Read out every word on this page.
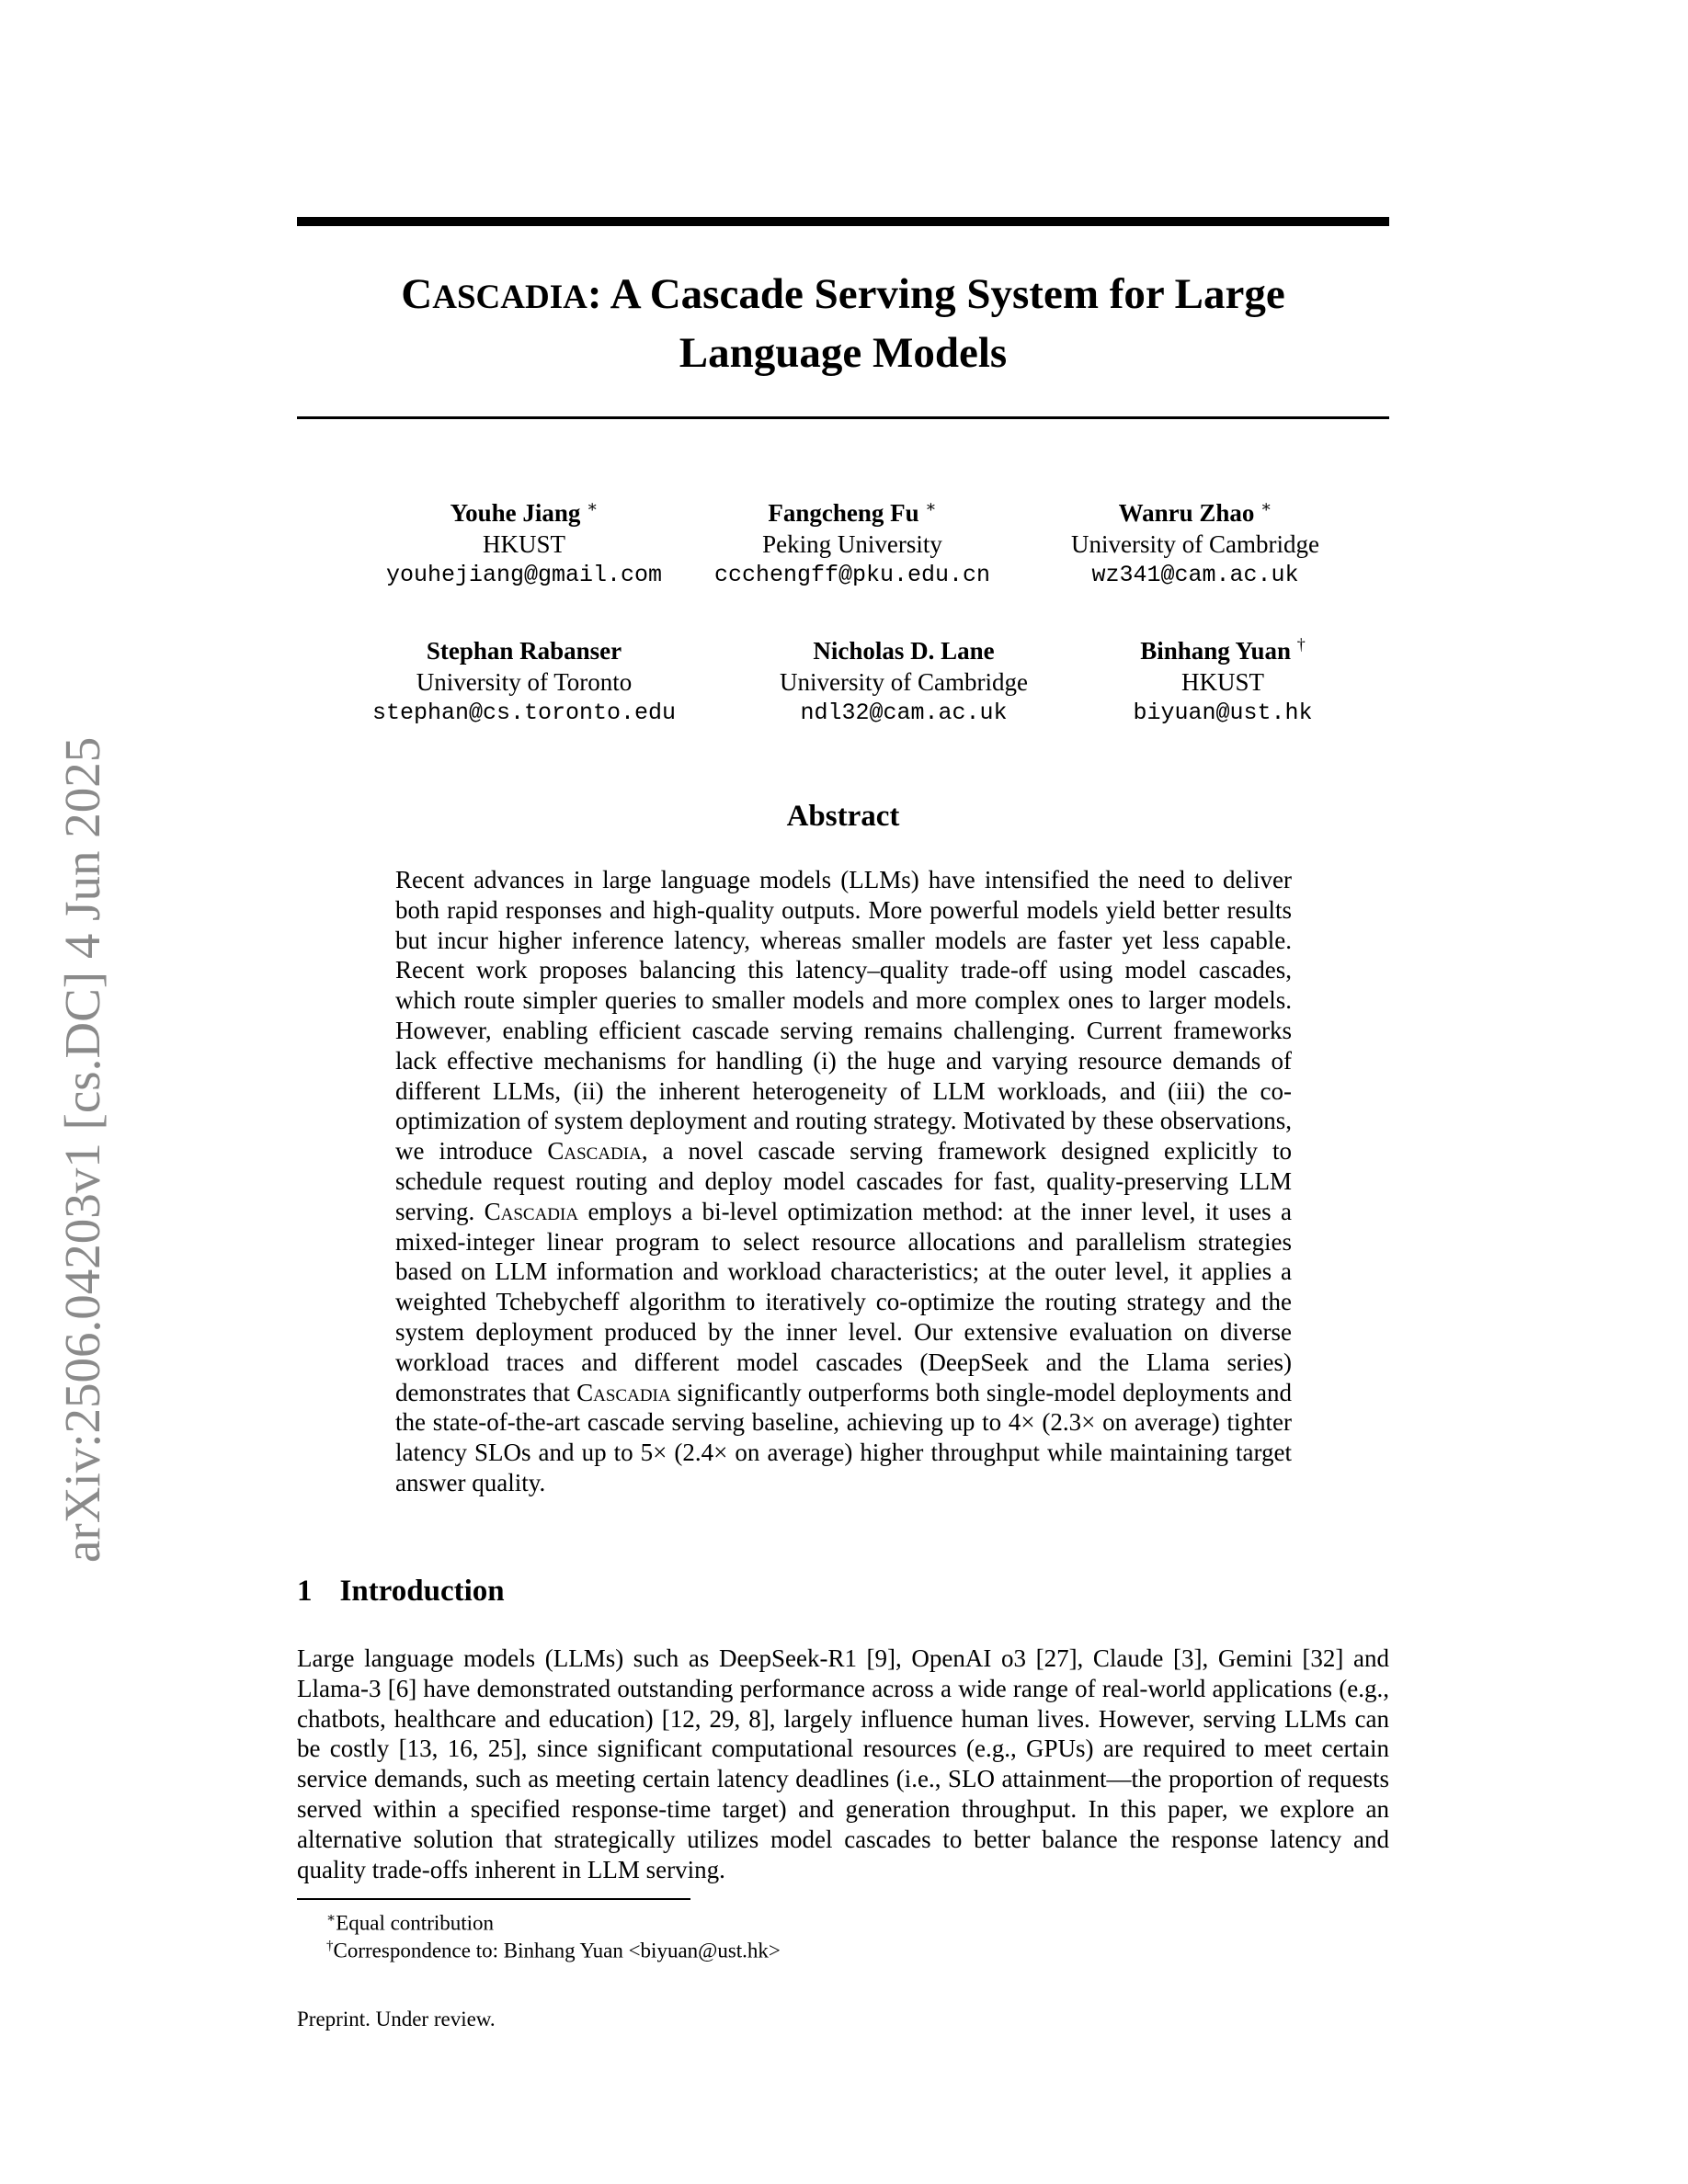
arXiv:2506.04203v1 [cs.DC] 4 Jun 2025
CASCADIA: A Cascade Serving System for Large
Language Models
Youhe Jiang ∗
HKUST
youhejiang@gmail.com
Fangcheng Fu ∗
Peking University
ccchengff@pku.edu.cn
Wanru Zhao ∗
University of Cambridge
wz341@cam.ac.uk
Stephan Rabanser
University of Toronto
stephan@cs.toronto.edu
Nicholas D. Lane
University of Cambridge
ndl32@cam.ac.uk
Binhang Yuan †
HKUST
biyuan@ust.hk
Abstract

Recent advances in large language models (LLMs) have intensified the need to deliver both rapid responses and high-quality outputs. More powerful models yield better results but incur higher inference latency, whereas smaller models are faster yet less capable. Recent work proposes balancing this latency–quality trade-off using model cascades, which route simpler queries to smaller models and more complex ones to larger models. However, enabling efficient cascade serving remains challenging. Current frameworks lack effective mechanisms for handling (i) the huge and varying resource demands of different LLMs, (ii) the inherent heterogeneity of LLM workloads, and (iii) the co-optimization of system deployment and routing strategy. Motivated by these observations, we introduce Cascadia, a novel cascade serving framework designed explicitly to schedule request routing and deploy model cascades for fast, quality-preserving LLM serving. Cascadia employs a bi-level optimization method: at the inner level, it uses a mixed-integer linear program to select resource allocations and parallelism strategies based on LLM information and workload characteristics; at the outer level, it applies a weighted Tchebycheff algorithm to iteratively co-optimize the routing strategy and the system deployment produced by the inner level. Our extensive evaluation on diverse workload traces and different model cascades (DeepSeek and the Llama series) demonstrates that Cascadia significantly outperforms both single-model deployments and the state-of-the-art cascade serving baseline, achieving up to 4× (2.3× on average) tighter latency SLOs and up to 5× (2.4× on average) higher throughput while maintaining target answer quality.

1 Introduction

Large language models (LLMs) such as DeepSeek-R1 [9], OpenAI o3 [27], Claude [3], Gemini [32] and Llama-3 [6] have demonstrated outstanding performance across a wide range of real-world applications (e.g., chatbots, healthcare and education) [12, 29, 8], largely influence human lives. However, serving LLMs can be costly [13, 16, 25], since significant computational resources (e.g., GPUs) are required to meet certain service demands, such as meeting certain latency deadlines (i.e., SLO attainment—the proportion of requests served within a specified response-time target) and generation throughput. In this paper, we explore an alternative solution that strategically utilizes model cascades to better balance the response latency and quality trade-offs inherent in LLM serving.

∗Equal contribution
†Correspondence to: Binhang Yuan <biyuan@ust.hk>
Preprint. Under review.
